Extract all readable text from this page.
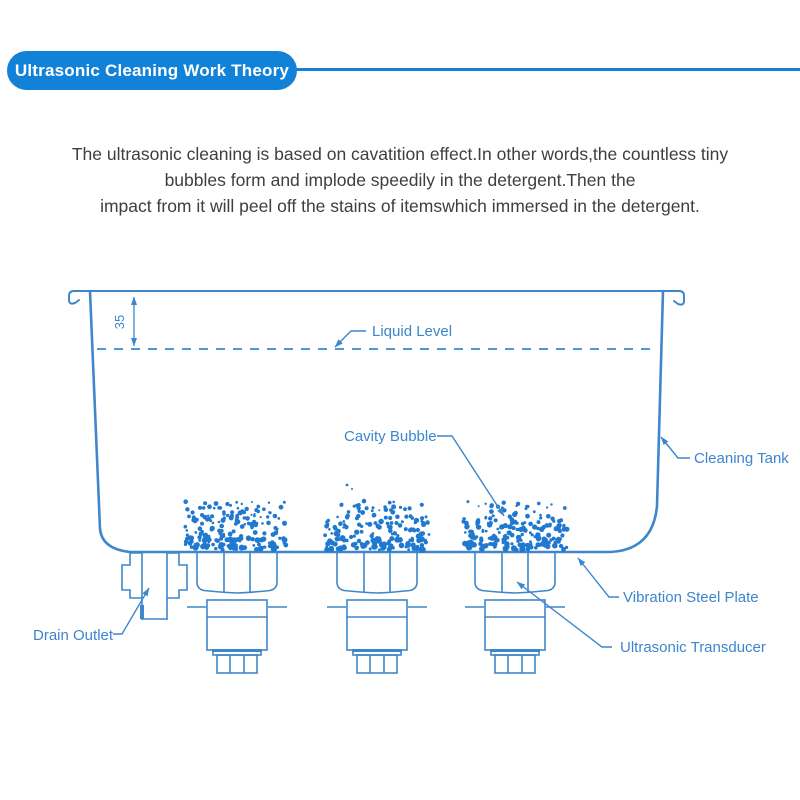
Ultrasonic Cleaning Work Theory
The ultrasonic cleaning is based on cavatition effect.In other words,the countless tiny
bubbles form and implode speedily in the detergent.Then the
impact from it will peel off the stains of itemswhich immersed in the detergent.
35
Liquid Level
Cavity Bubble
Cleaning Tank
Vibration Steel Plate
Ultrasonic Transducer
Drain Outlet
